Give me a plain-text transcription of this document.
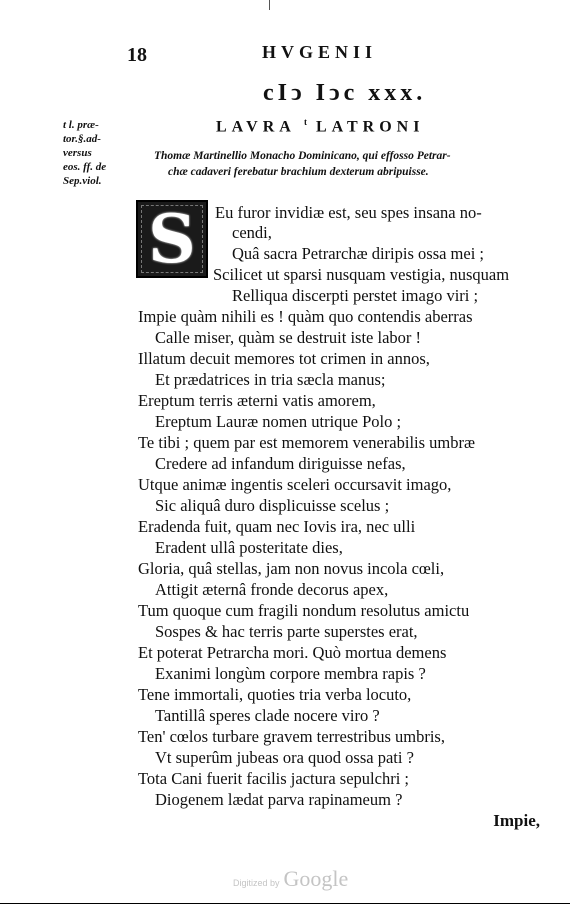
18	HVGENII
cIↄ Iↄc xxx.
LAVRA $^t$ LATRONI
t l. præ-
tor.§.ad-
versus
eos. ff. de
Sep.viol.
Thomæ Martinellio Monacho Dominicano, qui effosso Petrar-
chæ cadaveri ferebatur brachium dexterum abripuisse.
S Eu furor invidiæ est, seu spes insana no-
cendi,
Quâ sacra Petrarchæ diripis ossa mei ;
Scilicet ut sparsi nusquam vestigia, nusquam
Relliqua discerpti perstet imago viri ;
Impie quàm nihili es ! quàm quo contendis aberras
Calle miser, quàm se destruit iste labor !
Illatum decuit memores tot crimen in annos,
Et prædatrices in tria sæcla manus;
Ereptum terris æterni vatis amorem,
Ereptum Lauræ nomen utrique Polo ;
Te tibi ; quem par est memorem venerabilis umbræ
Credere ad infandum diriguisse nefas,
Utque animæ ingentis sceleri occursavit imago,
Sic aliquâ duro displicuisse scelus ;
Eradenda fuit, quam nec Iovis ira, nec ulli
Eradent ullâ posteritate dies,
Gloria, quâ stellas, jam non novus incola cœli,
Attigit æternâ fronde decorus apex,
Tum quoque cum fragili nondum resolutus amictu
Sospes & hac terris parte superstes erat,
Et poterat Petrarcha mori. Quò mortua demens
Exanimi longùm corpore membra rapis ?
Tene immortali, quoties tria verba locuto,
Tantillâ speres clade nocere viro ?
Ten' cœlos turbare gravem terrestribus umbris,
Vt superûm jubeas ora quod ossa pati ?
Tota Cani fuerit facilis jactura sepulchri ;
Diogenem lædat parva rapinameum ?
Impie,
Digitized by Google
